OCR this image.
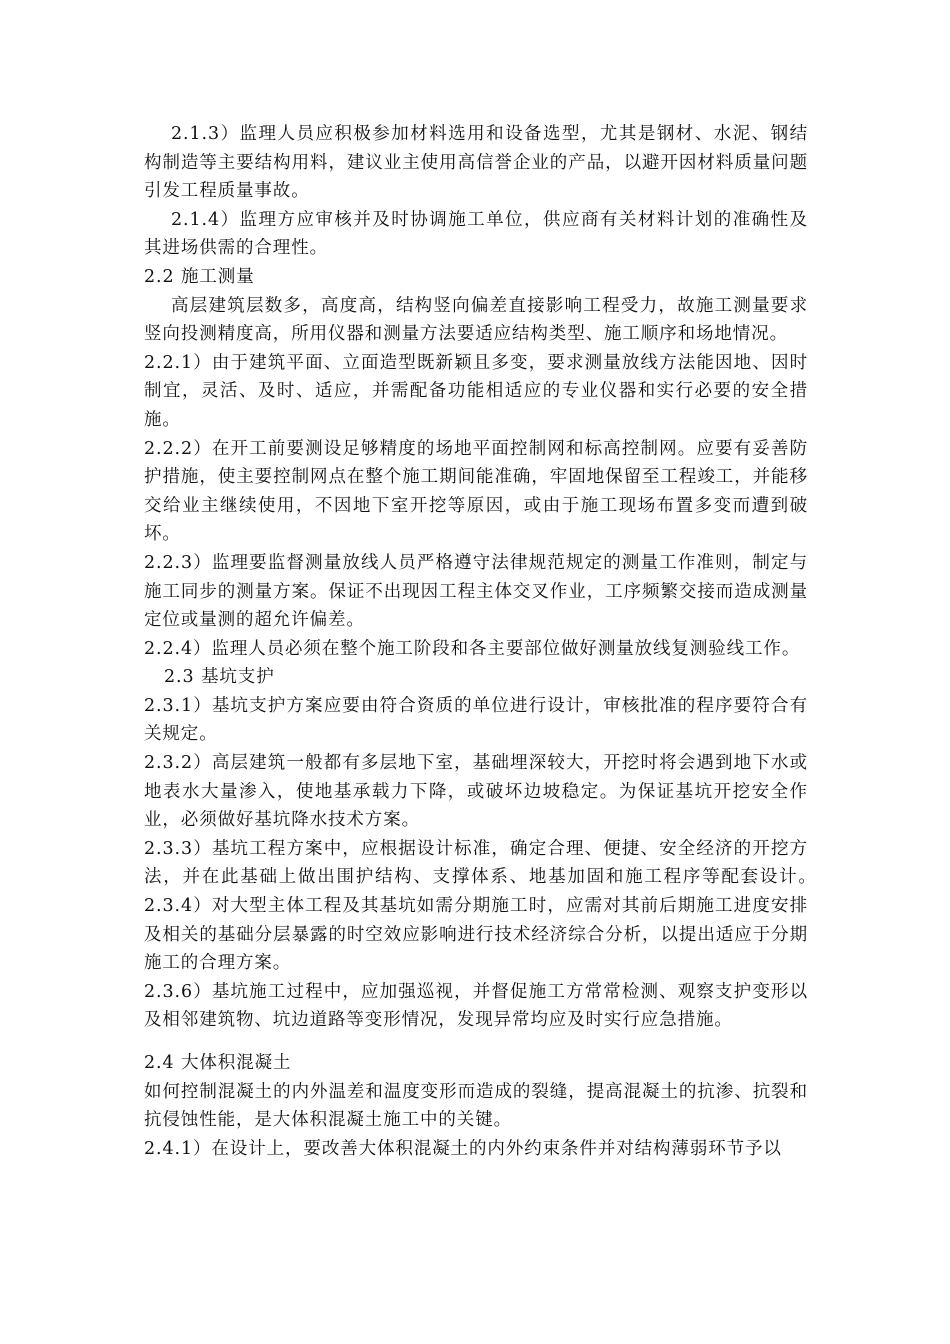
2.1.3）监理人员应积极参加材料选用和设备选型，尤其是钢材、水泥、钢结构制造等主要结构用料，建议业主使用高信誉企业的产品，以避开因材料质量问题引发工程质量事故。

2.1.4）监理方应审核并及时协调施工单位，供应商有关材料计划的准确性及其进场供需的合理性。

2.2 施工测量

高层建筑层数多，高度高，结构竖向偏差直接影响工程受力，故施工测量要求竖向投测精度高，所用仪器和测量方法要适应结构类型、施工顺序和场地情况。

2.2.1）由于建筑平面、立面造型既新颖且多变，要求测量放线方法能因地、因时制宜，灵活、及时、适应，并需配备功能相适应的专业仪器和实行必要的安全措施。

2.2.2）在开工前要测设足够精度的场地平面控制网和标高控制网。应要有妥善防护措施，使主要控制网点在整个施工期间能准确，牢固地保留至工程竣工，并能移交给业主继续使用，不因地下室开挖等原因，或由于施工现场布置多变而遭到破坏。

2.2.3）监理要监督测量放线人员严格遵守法律规范规定的测量工作准则，制定与施工同步的测量方案。保证不出现因工程主体交叉作业，工序频繁交接而造成测量定位或量测的超允许偏差。

2.2.4）监理人员必须在整个施工阶段和各主要部位做好测量放线复测验线工作。

2.3 基坑支护

2.3.1）基坑支护方案应要由符合资质的单位进行设计，审核批准的程序要符合有关规定。

2.3.2）高层建筑一般都有多层地下室，基础埋深较大，开挖时将会遇到地下水或地表水大量渗入，使地基承载力下降，或破坏边坡稳定。为保证基坑开挖安全作业，必须做好基坑降水技术方案。

2.3.3）基坑工程方案中，应根据设计标准，确定合理、便捷、安全经济的开挖方法，并在此基础上做出围护结构、支撑体系、地基加固和施工程序等配套设计。　 2.3.4）对大型主体工程及其基坑如需分期施工时，应需对其前后期施工进度安排及相关的基础分层暴露的时空效应影响进行技术经济综合分析，以提出适应于分期施工的合理方案。

2.3.6）基坑施工过程中，应加强巡视，并督促施工方常常检测、观察支护变形以及相邻建筑物、坑边道路等变形情况，发现异常均应及时实行应急措施。

2.4 大体积混凝土

如何控制混凝土的内外温差和温度变形而造成的裂缝，提高混凝土的抗渗、抗裂和抗侵蚀性能，是大体积混凝土施工中的关键。

2.4.1）在设计上，要改善大体积混凝土的内外约束条件并对结构薄弱环节予以
